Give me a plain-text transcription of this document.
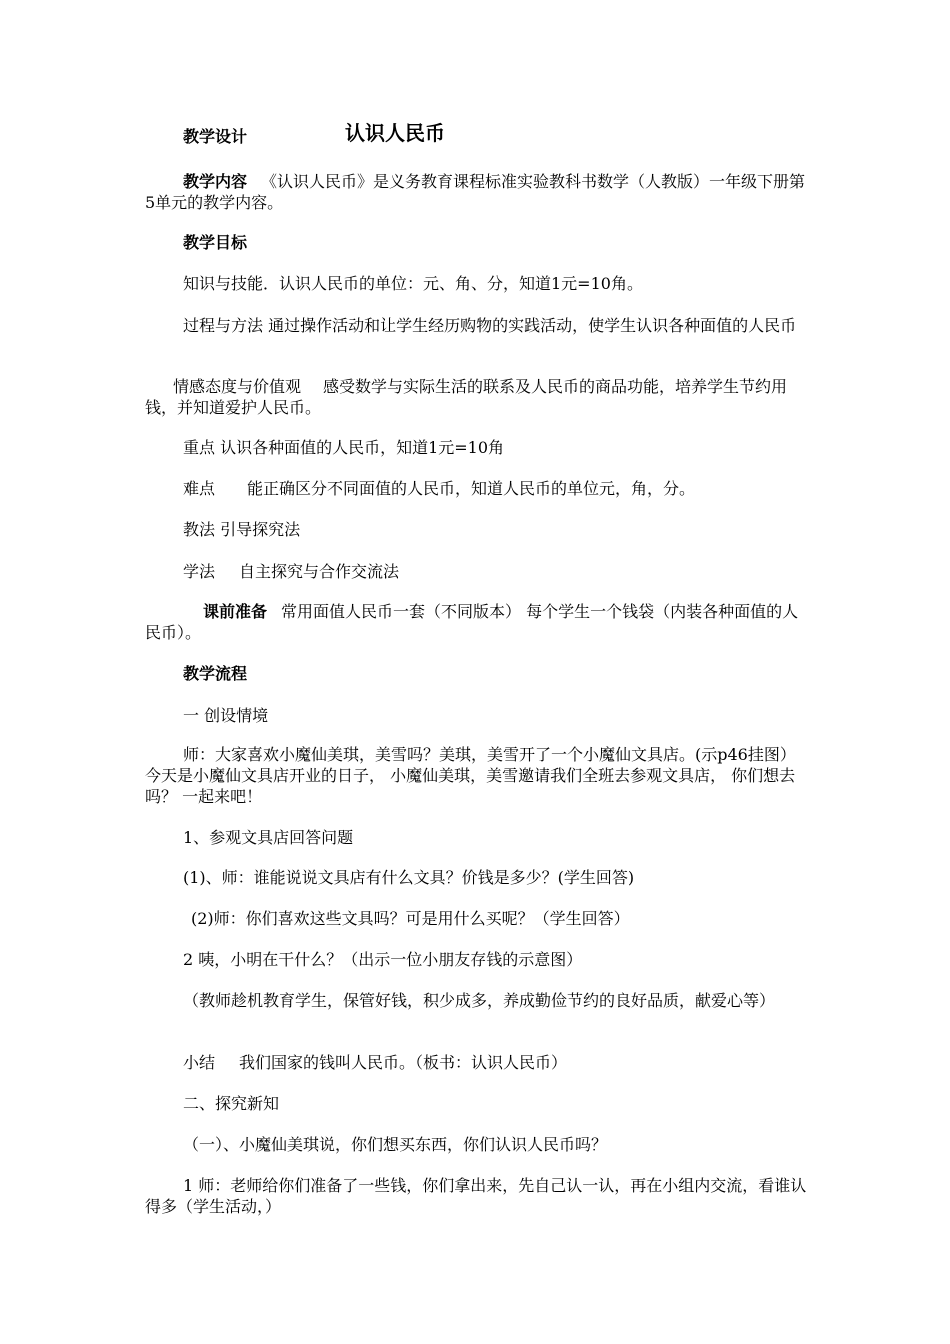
教学设计	认识人民币

教学内容 《认识人民币》是义务教育课程标准实验教科书数学（人教版）一年级下册第5单元的教学内容。

教学目标

知识与技能．认识人民币的单位：元、角、分，知道1元=10角。

过程与方法 通过操作活动和让学生经历购物的实践活动，使学生认识各种面值的人民币

情感态度与价值观 感受数学与实际生活的联系及人民币的商品功能，培养学生节约用钱，并知道爱护人民币。

重点 认识各种面值的人民币，知道1元=10角

难点 能正确区分不同面值的人民币，知道人民币的单位元，角，分。

教法 引导探究法

学法 自主探究与合作交流法

课前准备 常用面值人民币一套（不同版本） 每个学生一个钱袋（内装各种面值的人民币）。

教学流程

一 创设情境

师：大家喜欢小魔仙美琪，美雪吗？美琪，美雪开了一个小魔仙文具店。(示p46挂图）今天是小魔仙文具店开业的日子， 小魔仙美琪，美雪邀请我们全班去参观文具店， 你们想去吗？ 一起来吧！

1、参观文具店回答问题

(1)、师：谁能说说文具店有什么文具？价钱是多少？(学生回答)

(2)师：你们喜欢这些文具吗？可是用什么买呢？（学生回答）

2 咦，小明在干什么？（出示一位小朋友存钱的示意图）

（教师趁机教育学生，保管好钱，积少成多，养成勤俭节约的良好品质，献爱心等）

小结 我们国家的钱叫人民币。（板书：认识人民币）

二、探究新知

（一）、小魔仙美琪说，你们想买东西，你们认识人民币吗？

1 师：老师给你们准备了一些钱，你们拿出来，先自己认一认，再在小组内交流，看谁认得多（学生活动，）
